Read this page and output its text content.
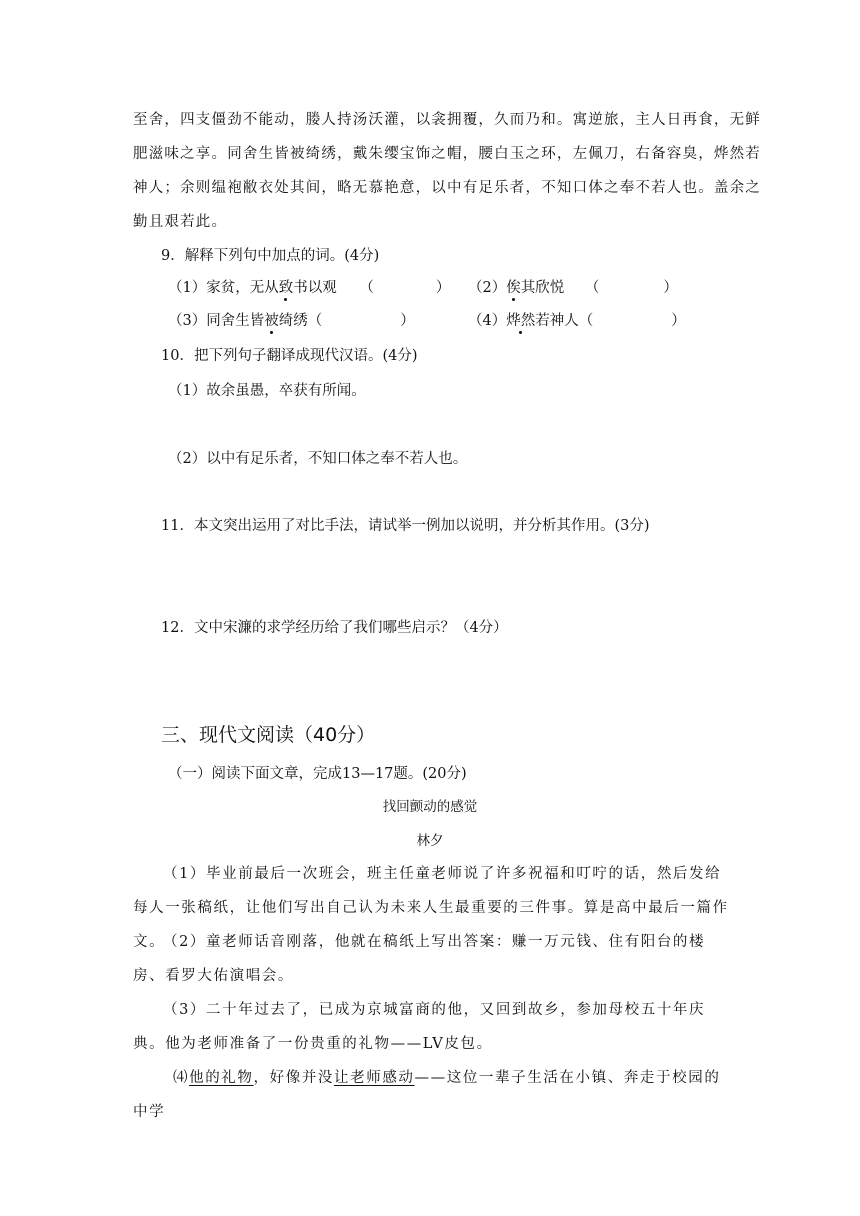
至舍，四支僵劲不能动，媵人持汤沃灌，以衾拥覆，久而乃和。寓逆旅，主人日再食，无鲜
肥滋味之享。同舍生皆被绮绣，戴朱缨宝饰之帽，腰白玉之环，左佩刀，右备容臭，烨然若
神人；余则缊袍敝衣处其间，略无慕艳意，以中有足乐者，不知口体之奉不若人也。盖余之
勤且艰若此。
9．解释下列句中加点的词。(4分)
（1）家贫，无从致书以观 （	） （2）俟其欣悦 （	）
（3）同舍生皆被绮绣（	）	（4）烨然若神人（	）
10．把下列句子翻译成现代汉语。(4分)
（1）故余虽愚，卒获有所闻。
（2）以中有足乐者，不知口体之奉不若人也。
11．本文突出运用了对比手法，请试举一例加以说明，并分析其作用。(3分)
12．文中宋濂的求学经历给了我们哪些启示？（4分）
三、现代文阅读（40分）
（一）阅读下面文章，完成13—17题。(20分)
找回颤动的感觉
林夕
（1）毕业前最后一次班会，班主任童老师说了许多祝福和叮咛的话，然后发给每人一张稿纸，让他们写出自己认为未来人生最重要的三件事。算是高中最后一篇作文。
（2）童老师话音刚落，他就在稿纸上写出答案：赚一万元钱、住有阳台的楼房、看罗大佑演唱会。
（3）二十年过去了，已成为京城富商的他，又回到故乡，参加母校五十年庆典。他为老师准备了一份贵重的礼物——LV皮包。
⑷他的礼物，好像并没让老师感动——这位一辈子生活在小镇、奔走于校园的中学
